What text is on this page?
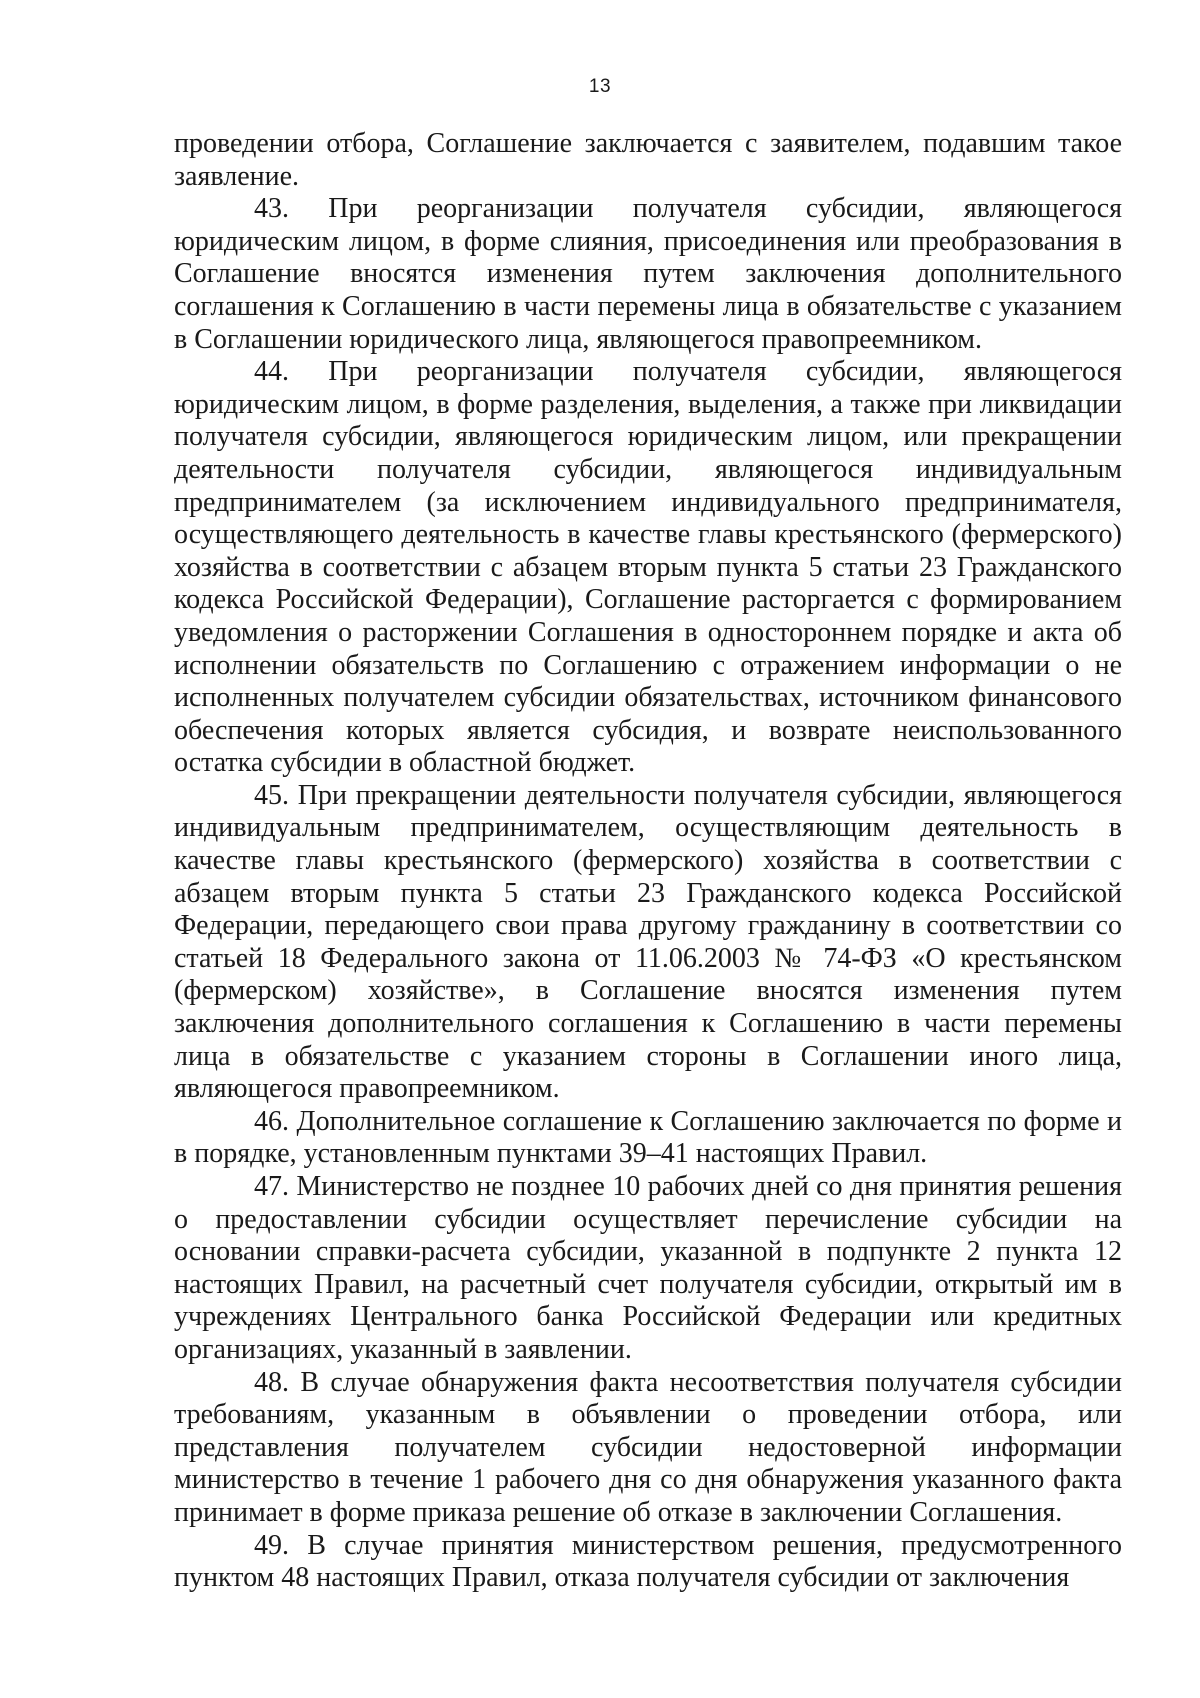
13

проведении отбора, Соглашение заключается с заявителем, подавшим такое заявление.

43. При реорганизации получателя субсидии, являющегося юридическим лицом, в форме слияния, присоединения или преобразования в Соглашение вносятся изменения путем заключения дополнительного соглашения к Соглашению в части перемены лица в обязательстве с указанием в Соглашении юридического лица, являющегося правопреемником.

44. При реорганизации получателя субсидии, являющегося юридическим лицом, в форме разделения, выделения, а также при ликвидации получателя субсидии, являющегося юридическим лицом, или прекращении деятельности получателя субсидии, являющегося индивидуальным предпринимателем (за исключением индивидуального предпринимателя, осуществляющего деятельность в качестве главы крестьянского (фермерского) хозяйства в соответствии с абзацем вторым пункта 5 статьи 23 Гражданского кодекса Российской Федерации), Соглашение расторгается с формированием уведомления о расторжении Соглашения в одностороннем порядке и акта об исполнении обязательств по Соглашению с отражением информации о не исполненных получателем субсидии обязательствах, источником финансового обеспечения которых является субсидия, и возврате неиспользованного остатка субсидии в областной бюджет.

45. При прекращении деятельности получателя субсидии, являющегося индивидуальным предпринимателем, осуществляющим деятельность в качестве главы крестьянского (фермерского) хозяйства в соответствии с абзацем вторым пункта 5 статьи 23 Гражданского кодекса Российской Федерации, передающего свои права другому гражданину в соответствии со статьей 18 Федерального закона от 11.06.2003 № 74-ФЗ «О крестьянском (фермерском) хозяйстве», в Соглашение вносятся изменения путем заключения дополнительного соглашения к Соглашению в части перемены лица в обязательстве с указанием стороны в Соглашении иного лица, являющегося правопреемником.

46. Дополнительное соглашение к Соглашению заключается по форме и в порядке, установленным пунктами 39–41 настоящих Правил.

47. Министерство не позднее 10 рабочих дней со дня принятия решения о предоставлении субсидии осуществляет перечисление субсидии на основании справки-расчета субсидии, указанной в подпункте 2 пункта 12 настоящих Правил, на расчетный счет получателя субсидии, открытый им в учреждениях Центрального банка Российской Федерации или кредитных организациях, указанный в заявлении.

48. В случае обнаружения факта несоответствия получателя субсидии требованиям, указанным в объявлении о проведении отбора, или представления получателем субсидии недостоверной информации министерство в течение 1 рабочего дня со дня обнаружения указанного факта принимает в форме приказа решение об отказе в заключении Соглашения.

49. В случае принятия министерством решения, предусмотренного пунктом 48 настоящих Правил, отказа получателя субсидии от заключения
